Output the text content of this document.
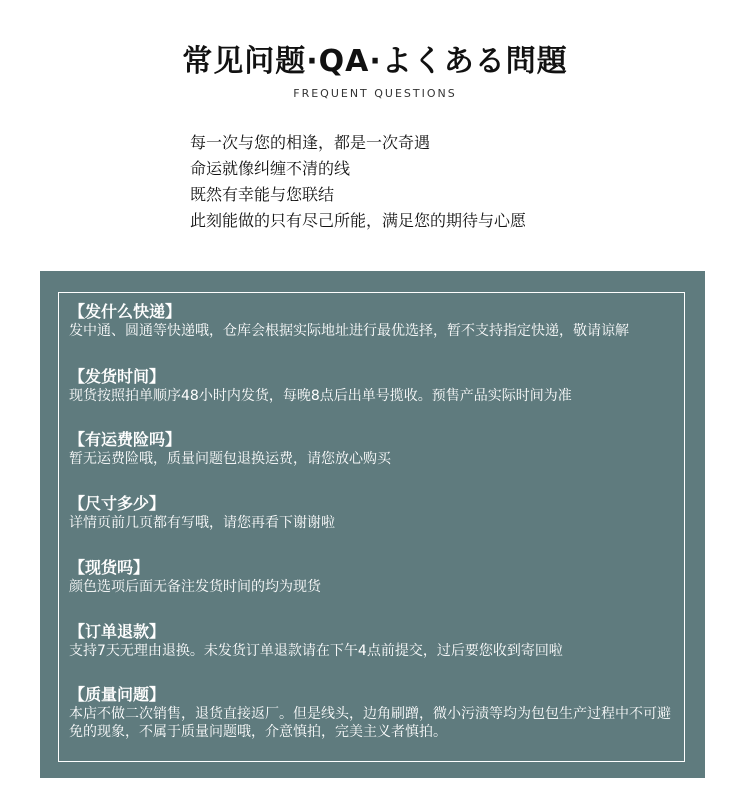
常见问题·QA·よくある問題
FREQUENT QUESTIONS
每一次与您的相逢，都是一次奇遇
命运就像纠缠不清的线
既然有幸能与您联结
此刻能做的只有尽己所能，满足您的期待与心愿
【发什么快递】
发中通、圆通等快递哦，仓库会根据实际地址进行最优选择，暂不支持指定快递，敬请谅解
【发货时间】
现货按照拍单顺序48小时内发货，每晚8点后出单号揽收。预售产品实际时间为准
【有运费险吗】
暂无运费险哦，质量问题包退换运费，请您放心购买
【尺寸多少】
详情页前几页都有写哦，请您再看下谢谢啦
【现货吗】
颜色选项后面无备注发货时间的均为现货
【订单退款】
支持7天无理由退换。未发货订单退款请在下午4点前提交，过后要您收到寄回啦
【质量问题】
本店不做二次销售，退货直接返厂。但是线头，边角刷蹭，微小污渍等均为包包生产过程中不可避免的现象，不属于质量问题哦，介意慎拍，完美主义者慎拍。
